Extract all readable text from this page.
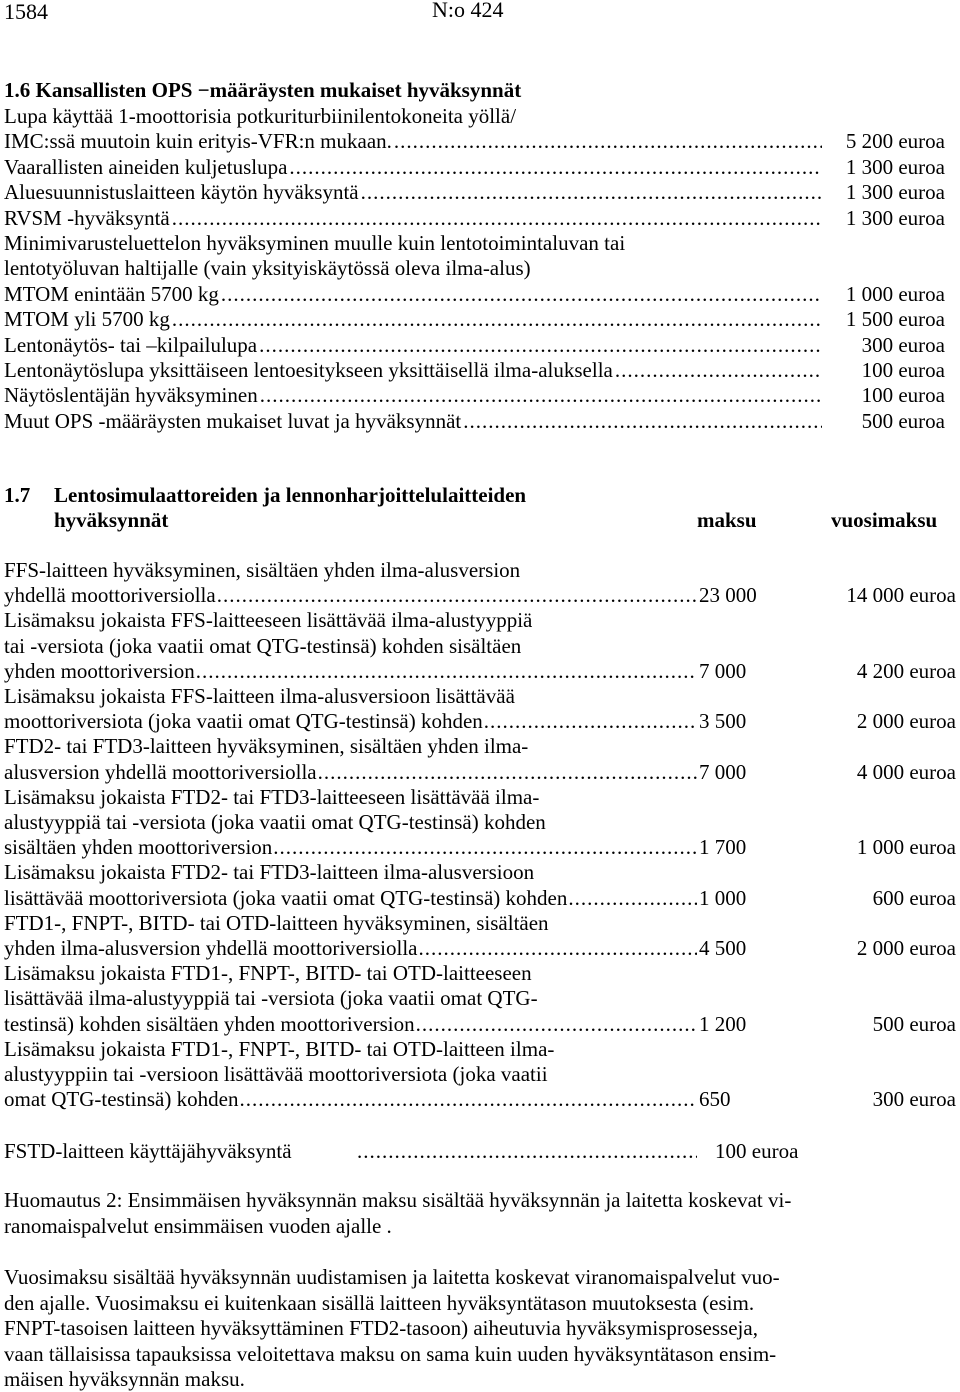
1584	N:o 424
1.6 Kansallisten OPS −määräysten mukaiset hyväksynnät
Lupa käyttää 1-moottorisia potkuriturbiinilentokoneita yöllä/
IMC:ssä muutoin kuin erityis-VFR:n mukaan. .....	5 200 euroa
Vaarallisten aineiden kuljetuslupa .....	1 300 euroa
Aluesuunnistuslaitteen käytön hyväksyntä .....	1 300 euroa
RVSM -hyväksyntä .....	1 300 euroa
Minimivarusteluettelon hyväksyminen muulle kuin lentotoimintaluvan tai
lentotyöluvan haltijalle (vain yksityiskäytössä oleva ilma-alus)
MTOM enintään 5700 kg .....	1 000 euroa
MTOM yli 5700 kg .....	1 500 euroa
Lentonäytös- tai –kilpailulupa .....	300 euroa
Lentonäytöslupa yksittäiseen lentoesitykseen yksittäisellä ilma-aluksella .....	100 euroa
Näytöslentäjän hyväksyminen .....	100 euroa
Muut OPS -määräysten mukaiset luvat ja hyväksynnät .....	500 euroa
1.7 Lentosimulaattoreiden ja lennonharjoittelulaitteiden
hyväksynnät	maksu	vuosimaksu
FFS-laitteen hyväksyminen, sisältäen yhden ilma-alusversion
yhdellä moottoriversiolla .....	23 000	14 000 euroa
Lisämaksu jokaista FFS-laitteeseen lisättävää ilma-alustyyppiä
tai -versiota (joka vaatii omat QTG-testinsä) kohden sisältäen
yhden moottoriversion .....	7 000	4 200 euroa
Lisämaksu jokaista FFS-laitteen ilma-alusversioon lisättävää
moottoriversiota (joka vaatii omat QTG-testinsä) kohden .....	3 500	2 000 euroa
FTD2- tai FTD3-laitteen hyväksyminen, sisältäen yhden ilma-
alusversion yhdellä moottoriversiolla .....	7 000	4 000 euroa
Lisämaksu jokaista FTD2- tai FTD3-laitteeseen lisättävää ilma-
alustyyppiä tai -versiota (joka vaatii omat QTG-testinsä) kohden
sisältäen yhden moottoriversion .....	1 700	1 000 euroa
Lisämaksu jokaista FTD2- tai FTD3-laitteen ilma-alusversioon
lisättävää moottoriversiota (joka vaatii omat QTG-testinsä) kohden .....	1 000	600 euroa
FTD1-, FNPT-, BITD- tai OTD-laitteen hyväksyminen, sisältäen
yhden ilma-alusversion yhdellä moottoriversiolla .....	4 500	2 000 euroa
Lisämaksu jokaista FTD1-, FNPT-, BITD- tai OTD-laitteeseen
lisättävää ilma-alustyyppiä tai -versiota (joka vaatii omat QTG-
testinsä) kohden sisältäen yhden moottoriversion .....	1 200	500 euroa
Lisämaksu jokaista FTD1-, FNPT-, BITD- tai OTD-laitteen ilma-
alustyyppiin tai -versioon lisättävää moottoriversiota (joka vaatii
omat QTG-testinsä) kohden .....	650	300 euroa
FSTD-laitteen käyttäjähyväksyntä .....	100 euroa
Huomautus 2: Ensimmäisen hyväksynnän maksu sisältää hyväksynnän ja laitetta koskevat vi-
ranomaispalvelut ensimmäisen vuoden ajalle .
Vuosimaksu sisältää hyväksynnän uudistamisen ja laitetta koskevat viranomaispalvelut vuo-
den ajalle. Vuosimaksu ei kuitenkaan sisällä laitteen hyväksyntätason muutoksesta (esim.
FNPT-tasoisen laitteen hyväksyttäminen FTD2-tasoon) aiheutuvia hyväksymisprosesseja,
vaan tällaisissa tapauksissa veloitettava maksu on sama kuin uuden hyväksyntätason ensim-
mäisen hyväksynnän maksu.
